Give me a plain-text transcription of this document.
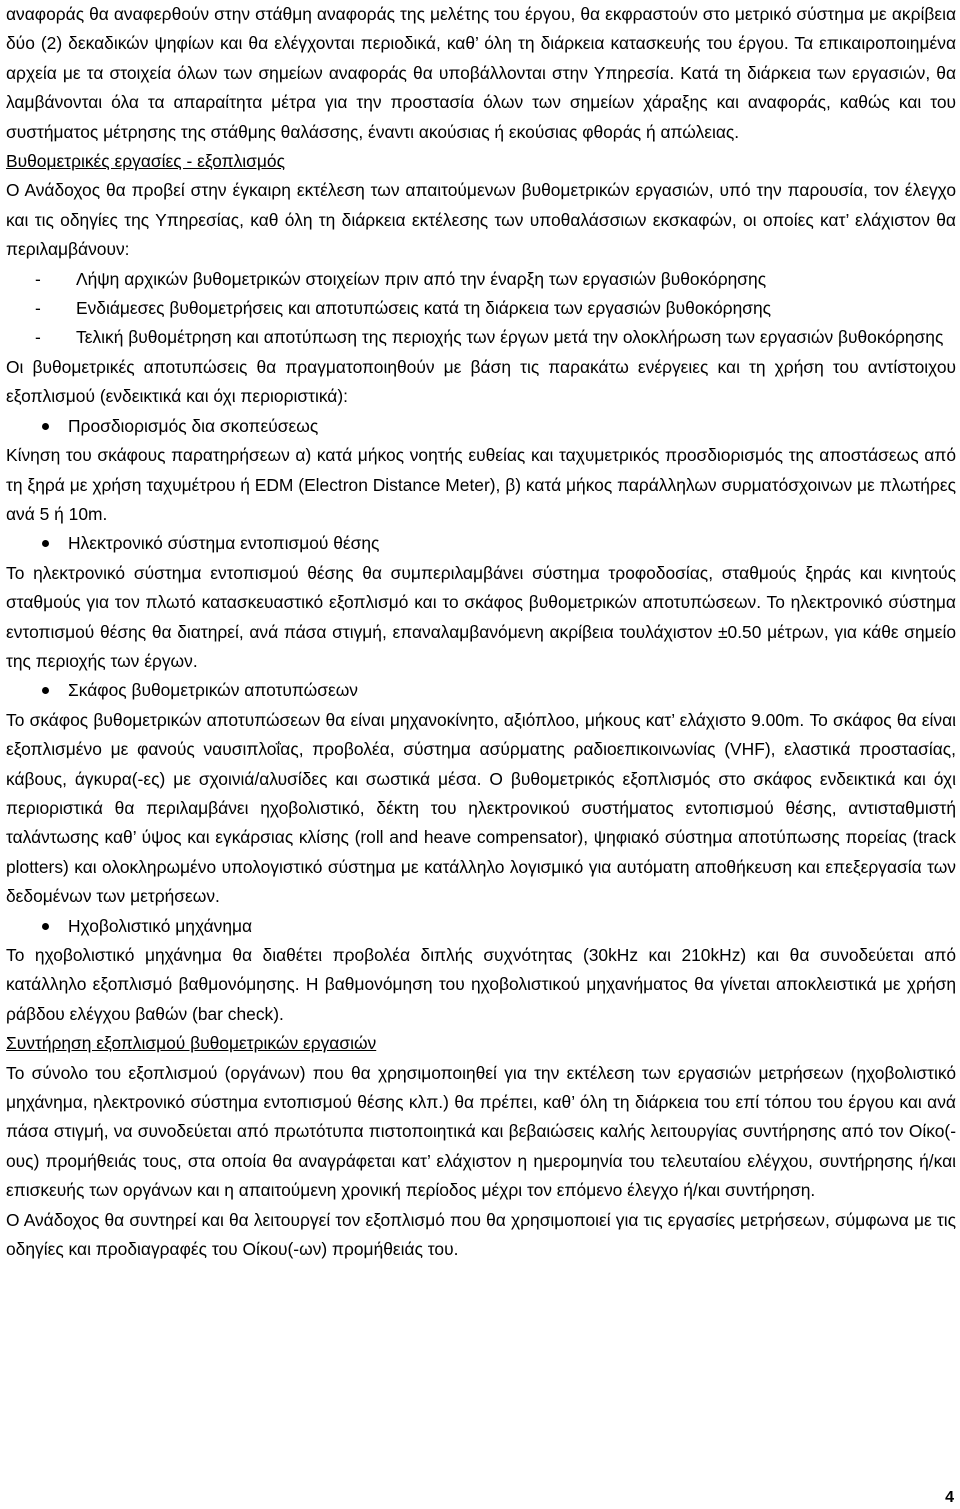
αναφοράς θα αναφερθούν στην στάθμη αναφοράς της μελέτης του έργου, θα εκφραστούν στο μετρικό σύστημα με ακρίβεια δύο (2) δεκαδικών ψηφίων και θα ελέγχονται περιοδικά, καθ’ όλη τη διάρκεια κατασκευής του έργου. Τα επικαιροποιημένα αρχεία με τα στοιχεία όλων των σημείων αναφοράς θα υποβάλλονται στην Υπηρεσία. Κατά τη διάρκεια των εργασιών, θα λαμβάνονται όλα τα απαραίτητα μέτρα για την προστασία όλων των σημείων χάραξης και αναφοράς, καθώς και του συστήματος μέτρησης της στάθμης θαλάσσης, έναντι ακούσιας ή εκούσιας φθοράς ή απώλειας.

Βυθομετρικές εργασίες - εξοπλισμός

Ο Ανάδοχος θα προβεί στην έγκαιρη εκτέλεση των απαιτούμενων βυθομετρικών εργασιών, υπό την παρουσία, τον έλεγχο και τις οδηγίες της Υπηρεσίας, καθ όλη τη διάρκεια εκτέλεσης των υποθαλάσσιων εκσκαφών, οι οποίες κατ’ ελάχιστον θα περιλαμβάνουν:

- Λήψη αρχικών βυθομετρικών στοιχείων πριν από την έναρξη των εργασιών βυθοκόρησης
- Ενδιάμεσες βυθομετρήσεις και αποτυπώσεις κατά τη διάρκεια των εργασιών βυθοκόρησης
- Τελική βυθομέτρηση και αποτύπωση της περιοχής των έργων μετά την ολοκλήρωση των εργασιών βυθοκόρησης

Οι βυθομετρικές αποτυπώσεις θα πραγματοποιηθούν με βάση τις παρακάτω ενέργειες και τη χρήση του αντίστοιχου εξοπλισμού (ενδεικτικά και όχι περιοριστικά):

Προσδιορισμός δια σκοπεύσεως

Κίνηση του σκάφους παρατηρήσεων α) κατά μήκος νοητής ευθείας και ταχυμετρικός προσδιορισμός της αποστάσεως από τη ξηρά με χρήση ταχυμέτρου ή EDM (Electron Distance Meter), β) κατά μήκος παράλληλων συρματόσχοινων με πλωτήρες ανά 5 ή 10m.

Ηλεκτρονικό σύστημα εντοπισμού θέσης

Το ηλεκτρονικό σύστημα εντοπισμού θέσης θα συμπεριλαμβάνει σύστημα τροφοδοσίας, σταθμούς ξηράς και κινητούς σταθμούς για τον πλωτό κατασκευαστικό εξοπλισμό και το σκάφος βυθομετρικών αποτυπώσεων. Το ηλεκτρονικό σύστημα εντοπισμού θέσης θα διατηρεί, ανά πάσα στιγμή, επαναλαμβανόμενη ακρίβεια τουλάχιστον ±0.50 μέτρων, για κάθε σημείο της περιοχής των έργων.

Σκάφος βυθομετρικών αποτυπώσεων

Το σκάφος βυθομετρικών αποτυπώσεων θα είναι μηχανοκίνητο, αξιόπλοο, μήκους κατ’ ελάχιστο 9.00m. Το σκάφος θα είναι εξοπλισμένο με φανούς ναυσιπλοΐας, προβολέα, σύστημα ασύρματης ραδιοεπικοινωνίας (VHF), ελαστικά προστασίας, κάβους, άγκυρα(-ες) με σχοινιά/αλυσίδες και σωστικά μέσα. Ο βυθομετρικός εξοπλισμός στο σκάφος ενδεικτικά και όχι περιοριστικά θα περιλαμβάνει ηχοβολιστικό, δέκτη του ηλεκτρονικού συστήματος εντοπισμού θέσης, αντισταθμιστή ταλάντωσης καθ’ ύψος και εγκάρσιας κλίσης (roll and heave compensator), ψηφιακό σύστημα αποτύπωσης πορείας (track plotters) και ολοκληρωμένο υπολογιστικό σύστημα με κατάλληλο λογισμικό για αυτόματη αποθήκευση και επεξεργασία των δεδομένων των μετρήσεων.

Ηχοβολιστικό μηχάνημα

Το ηχοβολιστικό μηχάνημα θα διαθέτει προβολέα διπλής συχνότητας (30kHz και 210kHz) και θα συνοδεύεται από κατάλληλο εξοπλισμό βαθμονόμησης. Η βαθμονόμηση του ηχοβολιστικού μηχανήματος θα γίνεται αποκλειστικά με χρήση ράβδου ελέγχου βαθών (bar check).

Συντήρηση εξοπλισμού βυθομετρικών εργασιών

Το σύνολο του εξοπλισμού (οργάνων) που θα χρησιμοποιηθεί για την εκτέλεση των εργασιών μετρήσεων (ηχοβολιστικό μηχάνημα, ηλεκτρονικό σύστημα εντοπισμού θέσης κλπ.) θα πρέπει, καθ’ όλη τη διάρκεια του επί τόπου του έργου και ανά πάσα στιγμή, να συνοδεύεται από πρωτότυπα πιστοποιητικά και βεβαιώσεις καλής λειτουργίας συντήρησης από τον Οίκο(-ους) προμήθειάς τους, στα οποία θα αναγράφεται κατ’ ελάχιστον η ημερομηνία του τελευταίου ελέγχου, συντήρησης ή/και επισκευής των οργάνων και η απαιτούμενη χρονική περίοδος μέχρι τον επόμενο έλεγχο ή/και συντήρηση.

Ο Ανάδοχος θα συντηρεί και θα λειτουργεί τον εξοπλισμό που θα χρησιμοποιεί για τις εργασίες μετρήσεων, σύμφωνα με τις οδηγίες και προδιαγραφές του Οίκου(-ων) προμήθειάς του.

4
